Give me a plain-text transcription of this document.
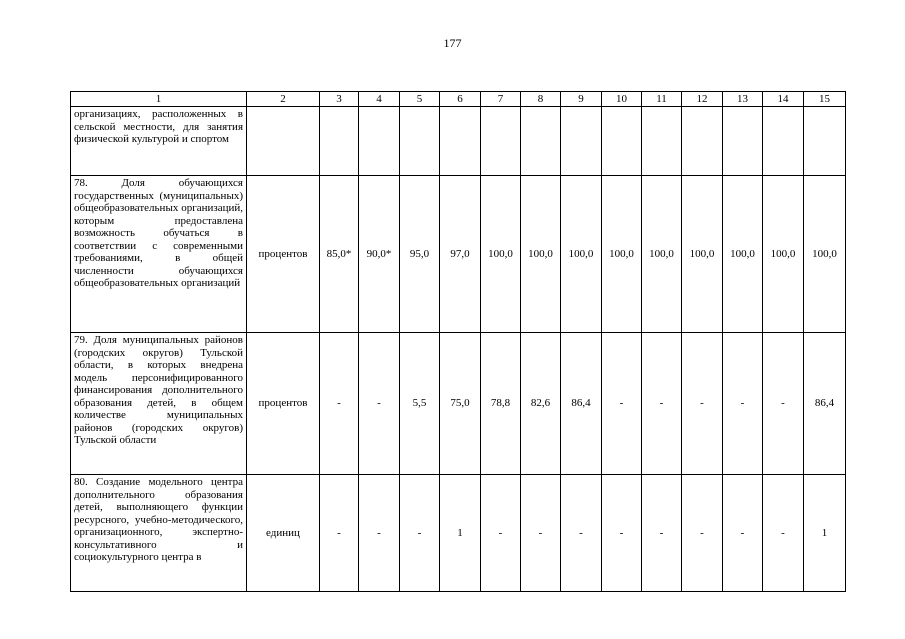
177
1	2	3	4	5	6	7	8	9	10	11	12	13	14	15
организациях, расположенных в сельской местности, для занятия физической культурой и спортом														
78. Доля обучающихся государственных (муниципальных) общеобразовательных организаций, которым предоставлена возможность обучаться в соответствии с современными требованиями, в общей численности обучающихся общеобразовательных организаций	процентов	85,0*	90,0*	95,0	97,0	100,0	100,0	100,0	100,0	100,0	100,0	100,0	100,0	100,0
79. Доля муниципальных районов (городских округов) Тульской области, в которых внедрена модель персонифицированного финансирования дополнительного образования детей, в общем количестве муниципальных районов (городских округов) Тульской области	процентов	-	-	5,5	75,0	78,8	82,6	86,4	-	-	-	-	-	86,4
80. Создание модельного центра дополнительного образования детей, выполняющего функции ресурсного, учебно-методического, организационного, экспертно-консультативного и социокультурного центра в	единиц	-	-	-	1	-	-	-	-	-	-	-	-	1
